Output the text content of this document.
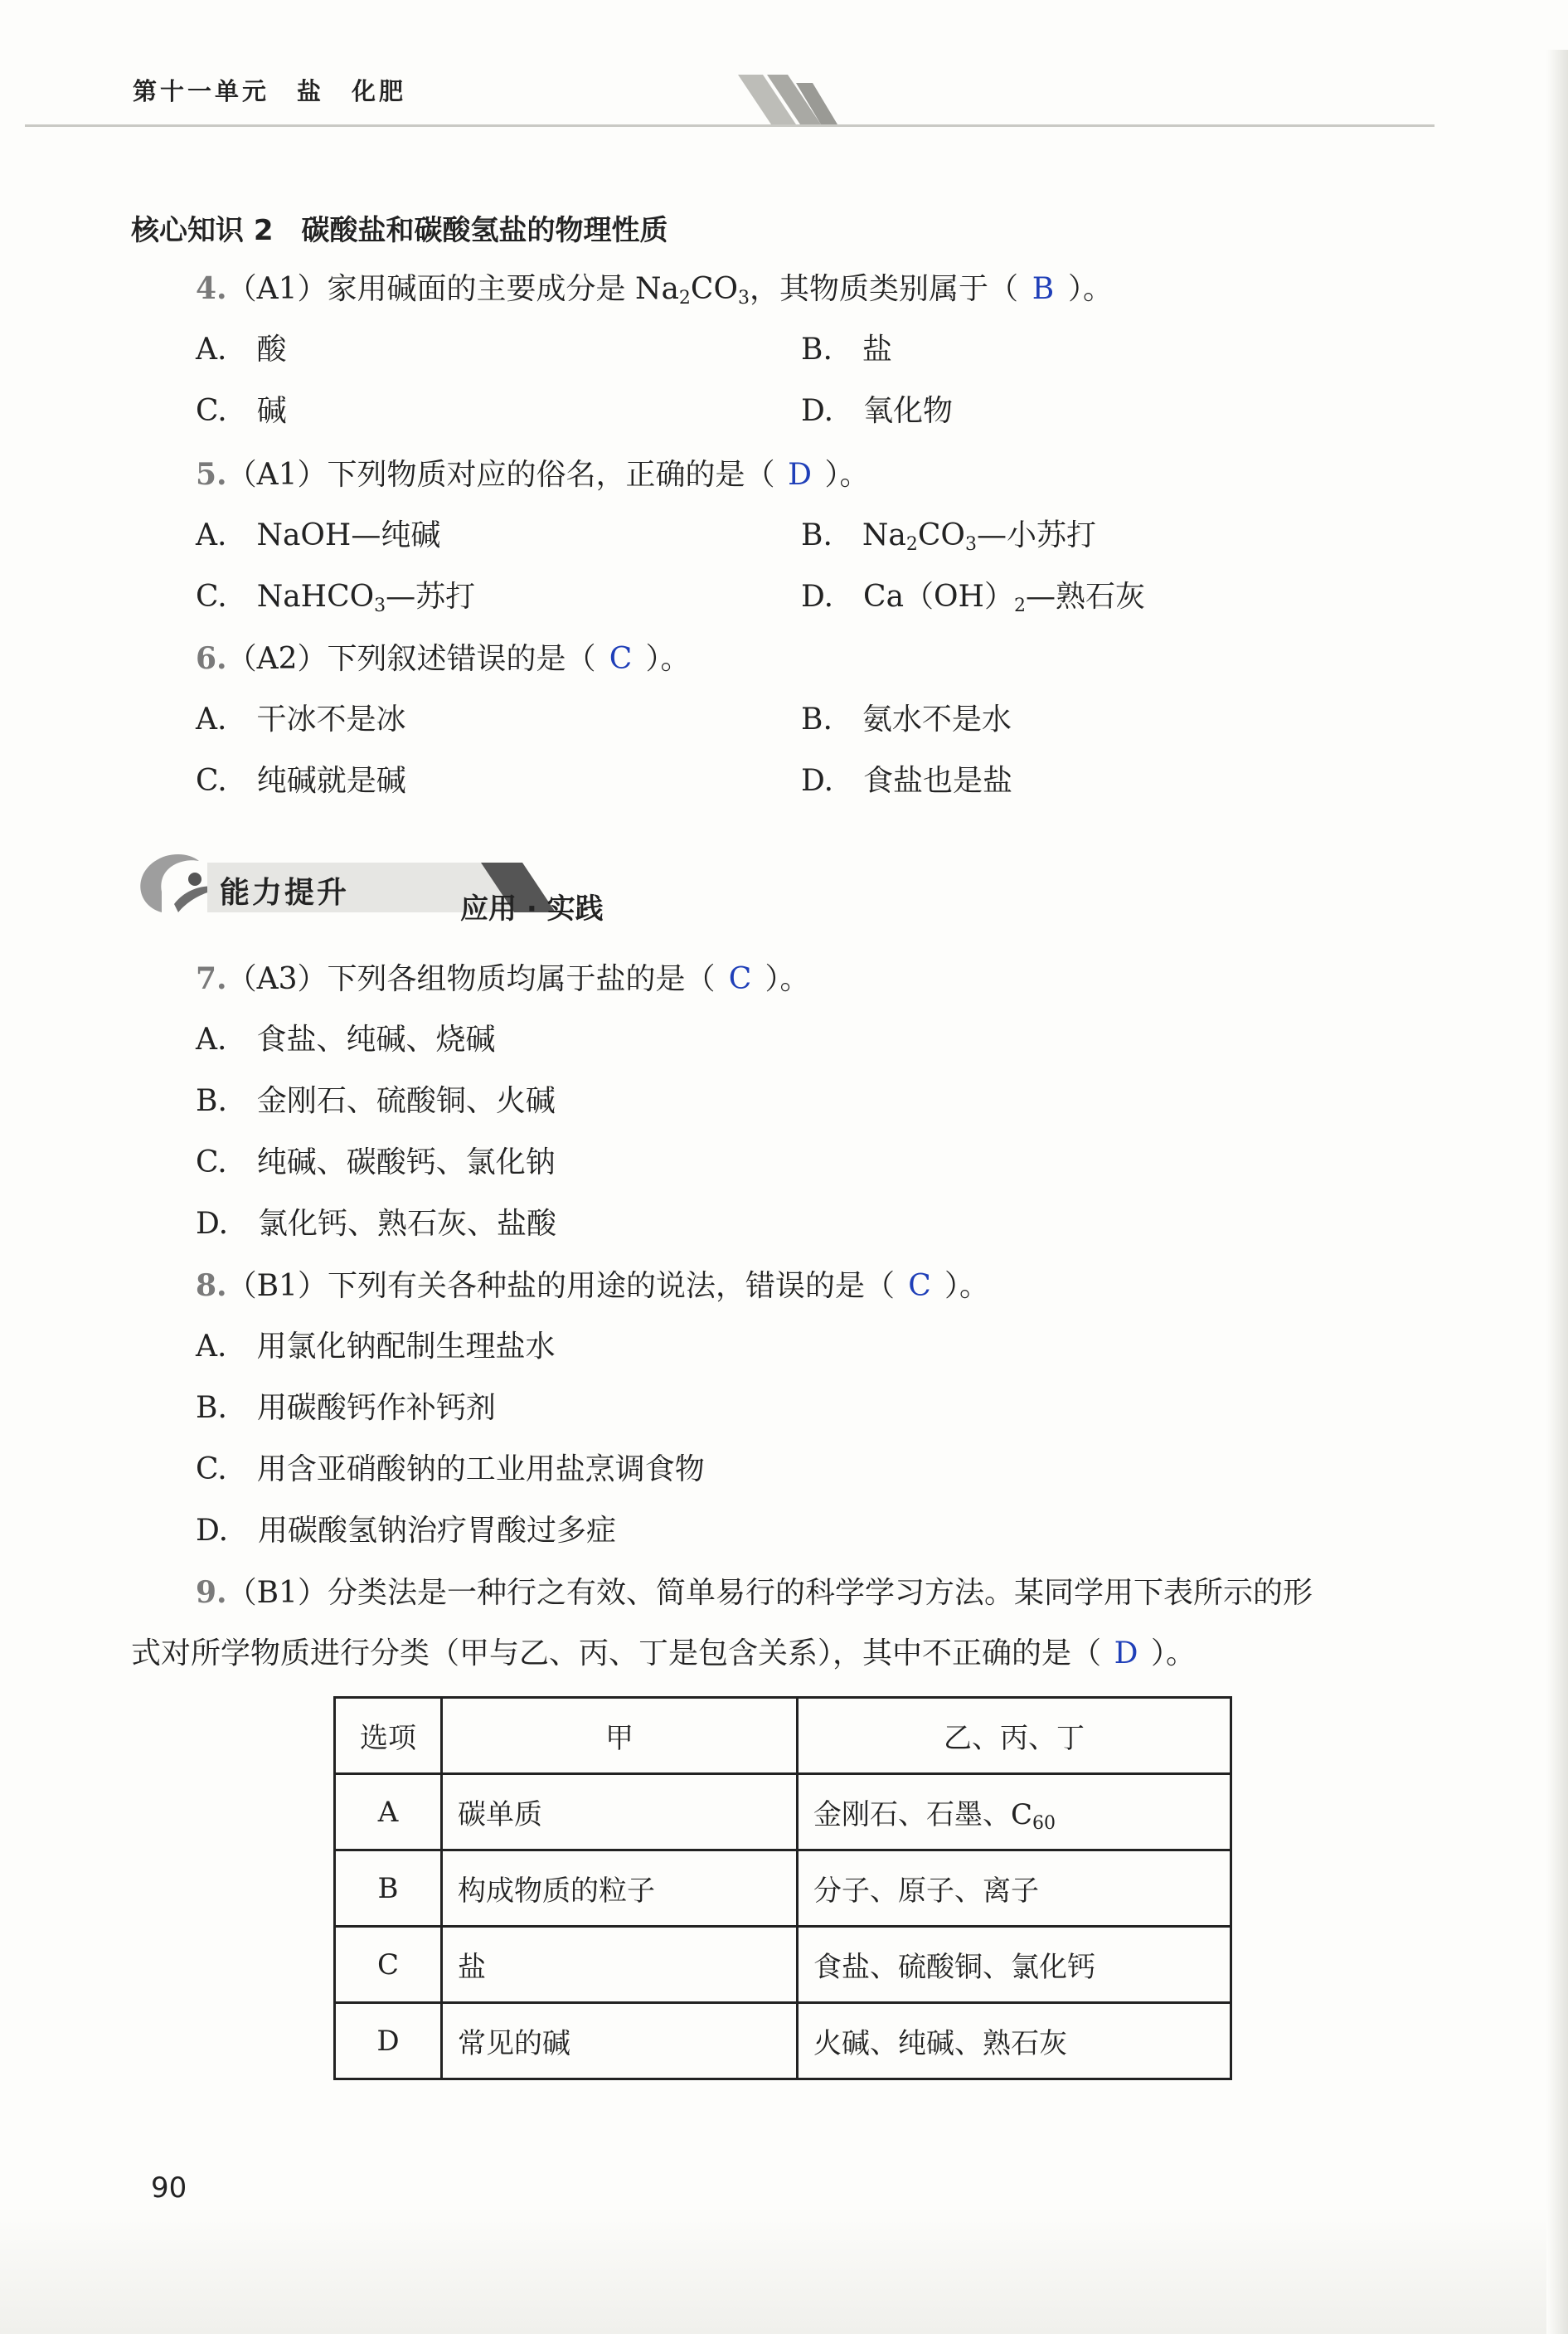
第十一单元　盐　化肥
核心知识 2　碳酸盐和碳酸氢盐的物理性质
4.（A1）家用碱面的主要成分是 $Na_2CO_3$，其物质类别属于（ B ）。
A.　酸	B.　盐
C.　碱	D.　氧化物
5.（A1）下列物质对应的俗名，正确的是（ D ）。
A.　NaOH—纯碱	B.　$Na_2CO_3—$小苏打
C.　NaHCO$_3$—苏打	D.　$Ca(OH)_2—$熟石灰
6.（A2）下列叙述错误的是（ C ）。
A.　干冰不是冰	B.　氨水不是水
C.　纯碱就是碱	D.　食盐也是盐
能力提升	应用 · 实践
7.（A3）下列各组物质均属于盐的是（ C ）。
A.　食盐、纯碱、烧碱
B.　金刚石、硫酸铜、火碱
C.　纯碱、碳酸钙、氯化钠
D.　氯化钙、熟石灰、盐酸
8.（B1）下列有关各种盐的用途的说法，错误的是（ C ）。
A.　用氯化钠配制生理盐水
B.　用碳酸钙作补钙剂
C.　用含亚硝酸钠的工业用盐烹调食物
D.　用碳酸氢钠治疗胃酸过多症
9.（B1）分类法是一种行之有效、简单易行的科学学习方法。某同学用下表所示的形
式对所学物质进行分类（甲与乙、丙、丁是包含关系），其中不正确的是（ D ）。
选项	甲	乙、丙、丁
A	碳单质	金刚石、石墨、$C_{60}$
B	构成物质的粒子	分子、原子、离子
C	盐	食盐、硫酸铜、氯化钙
D	常见的碱	火碱、纯碱、熟石灰
90
